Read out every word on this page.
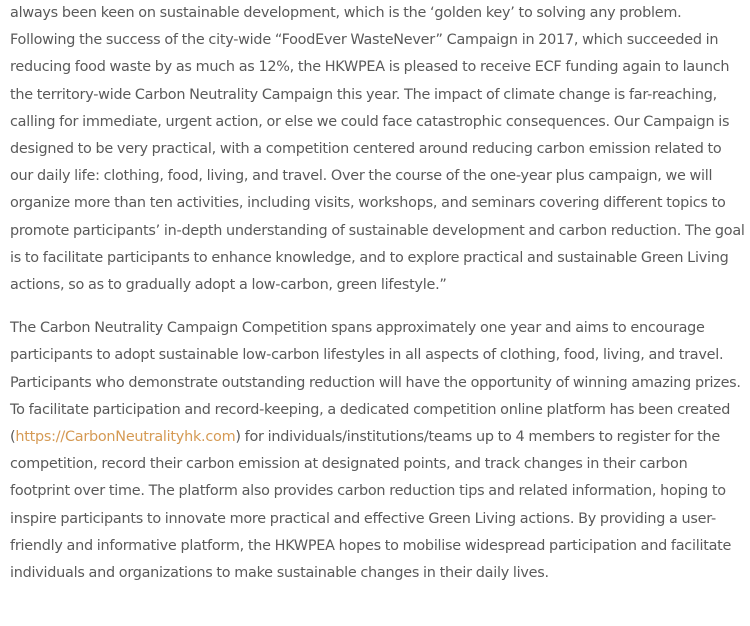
always been keen on sustainable development, which is the ‘golden key’ to solving any problem. Following the success of the city-wide “FoodEver WasteNever” Campaign in 2017, which succeeded in reducing food waste by as much as 12%, the HKWPEA is pleased to receive ECF funding again to launch the territory-wide Carbon Neutrality Campaign this year. The impact of climate change is far-reaching, calling for immediate, urgent action, or else we could face catastrophic consequences. Our Campaign is designed to be very practical, with a competition centered around reducing carbon emission related to our daily life: clothing, food, living, and travel. Over the course of the one-year plus campaign, we will organize more than ten activities, including visits, workshops, and seminars covering different topics to promote participants’ in-depth understanding of sustainable development and carbon reduction. The goal is to facilitate participants to enhance knowledge, and to explore practical and sustainable Green Living actions, so as to gradually adopt a low-carbon, green lifestyle.”

The Carbon Neutrality Campaign Competition spans approximately one year and aims to encourage participants to adopt sustainable low-carbon lifestyles in all aspects of clothing, food, living, and travel. Participants who demonstrate outstanding reduction will have the opportunity of winning amazing prizes. To facilitate participation and record-keeping, a dedicated competition online platform has been created (https://CarbonNeutralityhk.com) for individuals/institutions/teams up to 4 members to register for the competition, record their carbon emission at designated points, and track changes in their carbon footprint over time. The platform also provides carbon reduction tips and related information, hoping to inspire participants to innovate more practical and effective Green Living actions. By providing a user-friendly and informative platform, the HKWPEA hopes to mobilise widespread participation and facilitate individuals and organizations to make sustainable changes in their daily lives.
